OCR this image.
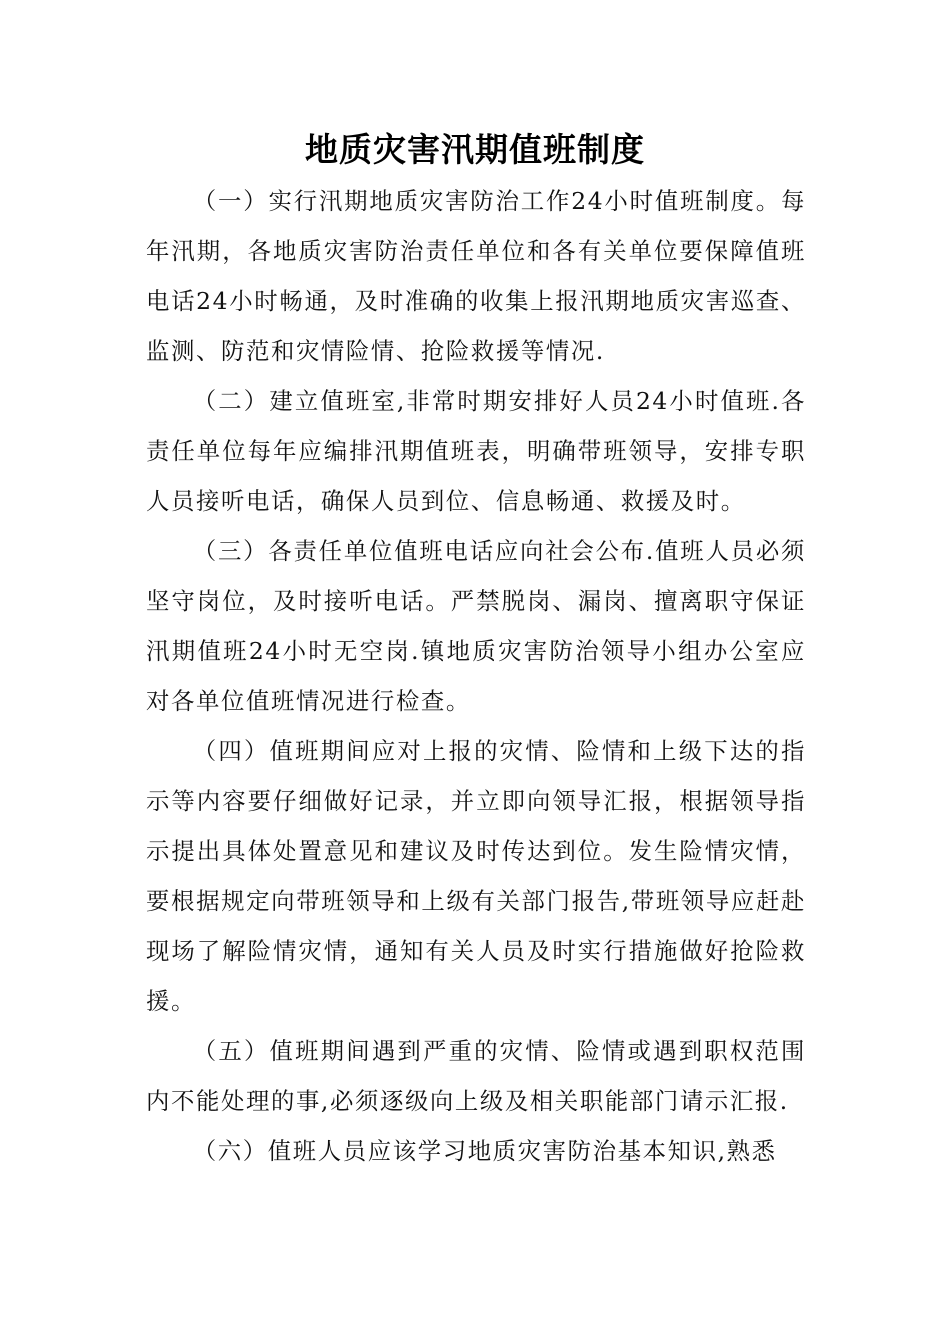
地质灾害汛期值班制度

（一）实行汛期地质灾害防治工作24小时值班制度。每年汛期，各地质灾害防治责任单位和各有关单位要保障值班电话24小时畅通，及时准确的收集上报汛期地质灾害巡查、监测、防范和灾情险情、抢险救援等情况.

（二）建立值班室,非常时期安排好人员24小时值班.各责任单位每年应编排汛期值班表，明确带班领导，安排专职人员接听电话，确保人员到位、信息畅通、救援及时。

（三）各责任单位值班电话应向社会公布.值班人员必须坚守岗位，及时接听电话。严禁脱岗、漏岗、擅离职守保证汛期值班24小时无空岗.镇地质灾害防治领导小组办公室应对各单位值班情况进行检查。

（四）值班期间应对上报的灾情、险情和上级下达的指示等内容要仔细做好记录，并立即向领导汇报，根据领导指示提出具体处置意见和建议及时传达到位。发生险情灾情，要根据规定向带班领导和上级有关部门报告,带班领导应赶赴现场了解险情灾情，通知有关人员及时实行措施做好抢险救援。

（五）值班期间遇到严重的灾情、险情或遇到职权范围内不能处理的事,必须逐级向上级及相关职能部门请示汇报.

（六）值班人员应该学习地质灾害防治基本知识,熟悉
